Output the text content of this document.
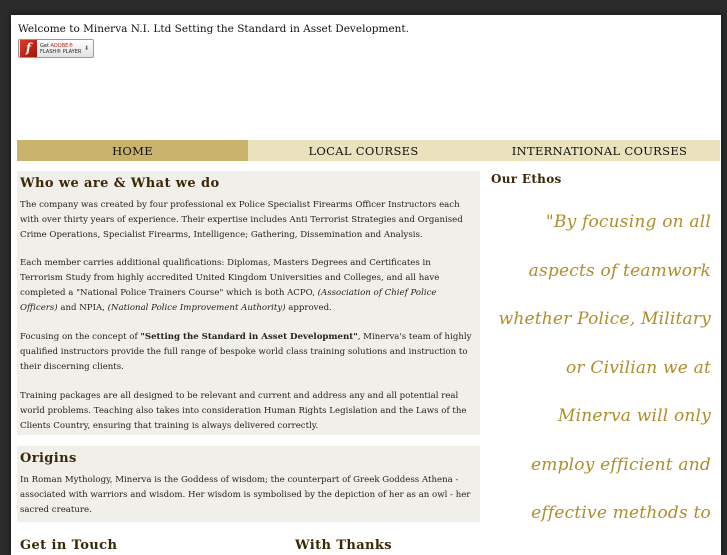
Welcome to Minerva N.I. Ltd Setting the Standard in Asset Development.
f	Get ADOBE®
FLASH® PLAYER ⬇
HOME	LOCAL COURSES	INTERNATIONAL COURSES
Who we are & What we do

The company was created by four professional ex Police Specialist Firearms Officer Instructors each with over thirty years of experience. Their expertise includes Anti Terrorist Strategies and Organised Crime Operations, Specialist Firearms, Intelligence; Gathering, Dissemination and Analysis.

Each member carries additional qualifications: Diplomas, Masters Degrees and Certificates in Terrorism Study from highly accredited United Kingdom Universities and Colleges, and all have completed a "National Police Trainers Course" which is both ACPO, (Association of Chief Police Officers) and NPIA, (National Police Improvement Authority) approved.

Focusing on the concept of "Setting the Standard in Asset Development", Minerva's team of highly qualified instructors provide the full range of bespoke world class training solutions and instruction to their discerning clients.

Training packages are all designed to be relevant and current and address any and all potential real world problems. Teaching also takes into consideration Human Rights Legislation and the Laws of the Clients Country, ensuring that training is always delivered correctly.

Origins

In Roman Mythology, Minerva is the Goddess of wisdom; the counterpart of Greek Goddess Athena - associated with warriors and wisdom. Her wisdom is symbolised by the depiction of her as an owl - her sacred creature.

Our Ethos
"By focusing on all aspects of teamwork whether Police, Military or Civilian we at Minerva will only employ efficient and effective methods to
Get in Touch	With Thanks
